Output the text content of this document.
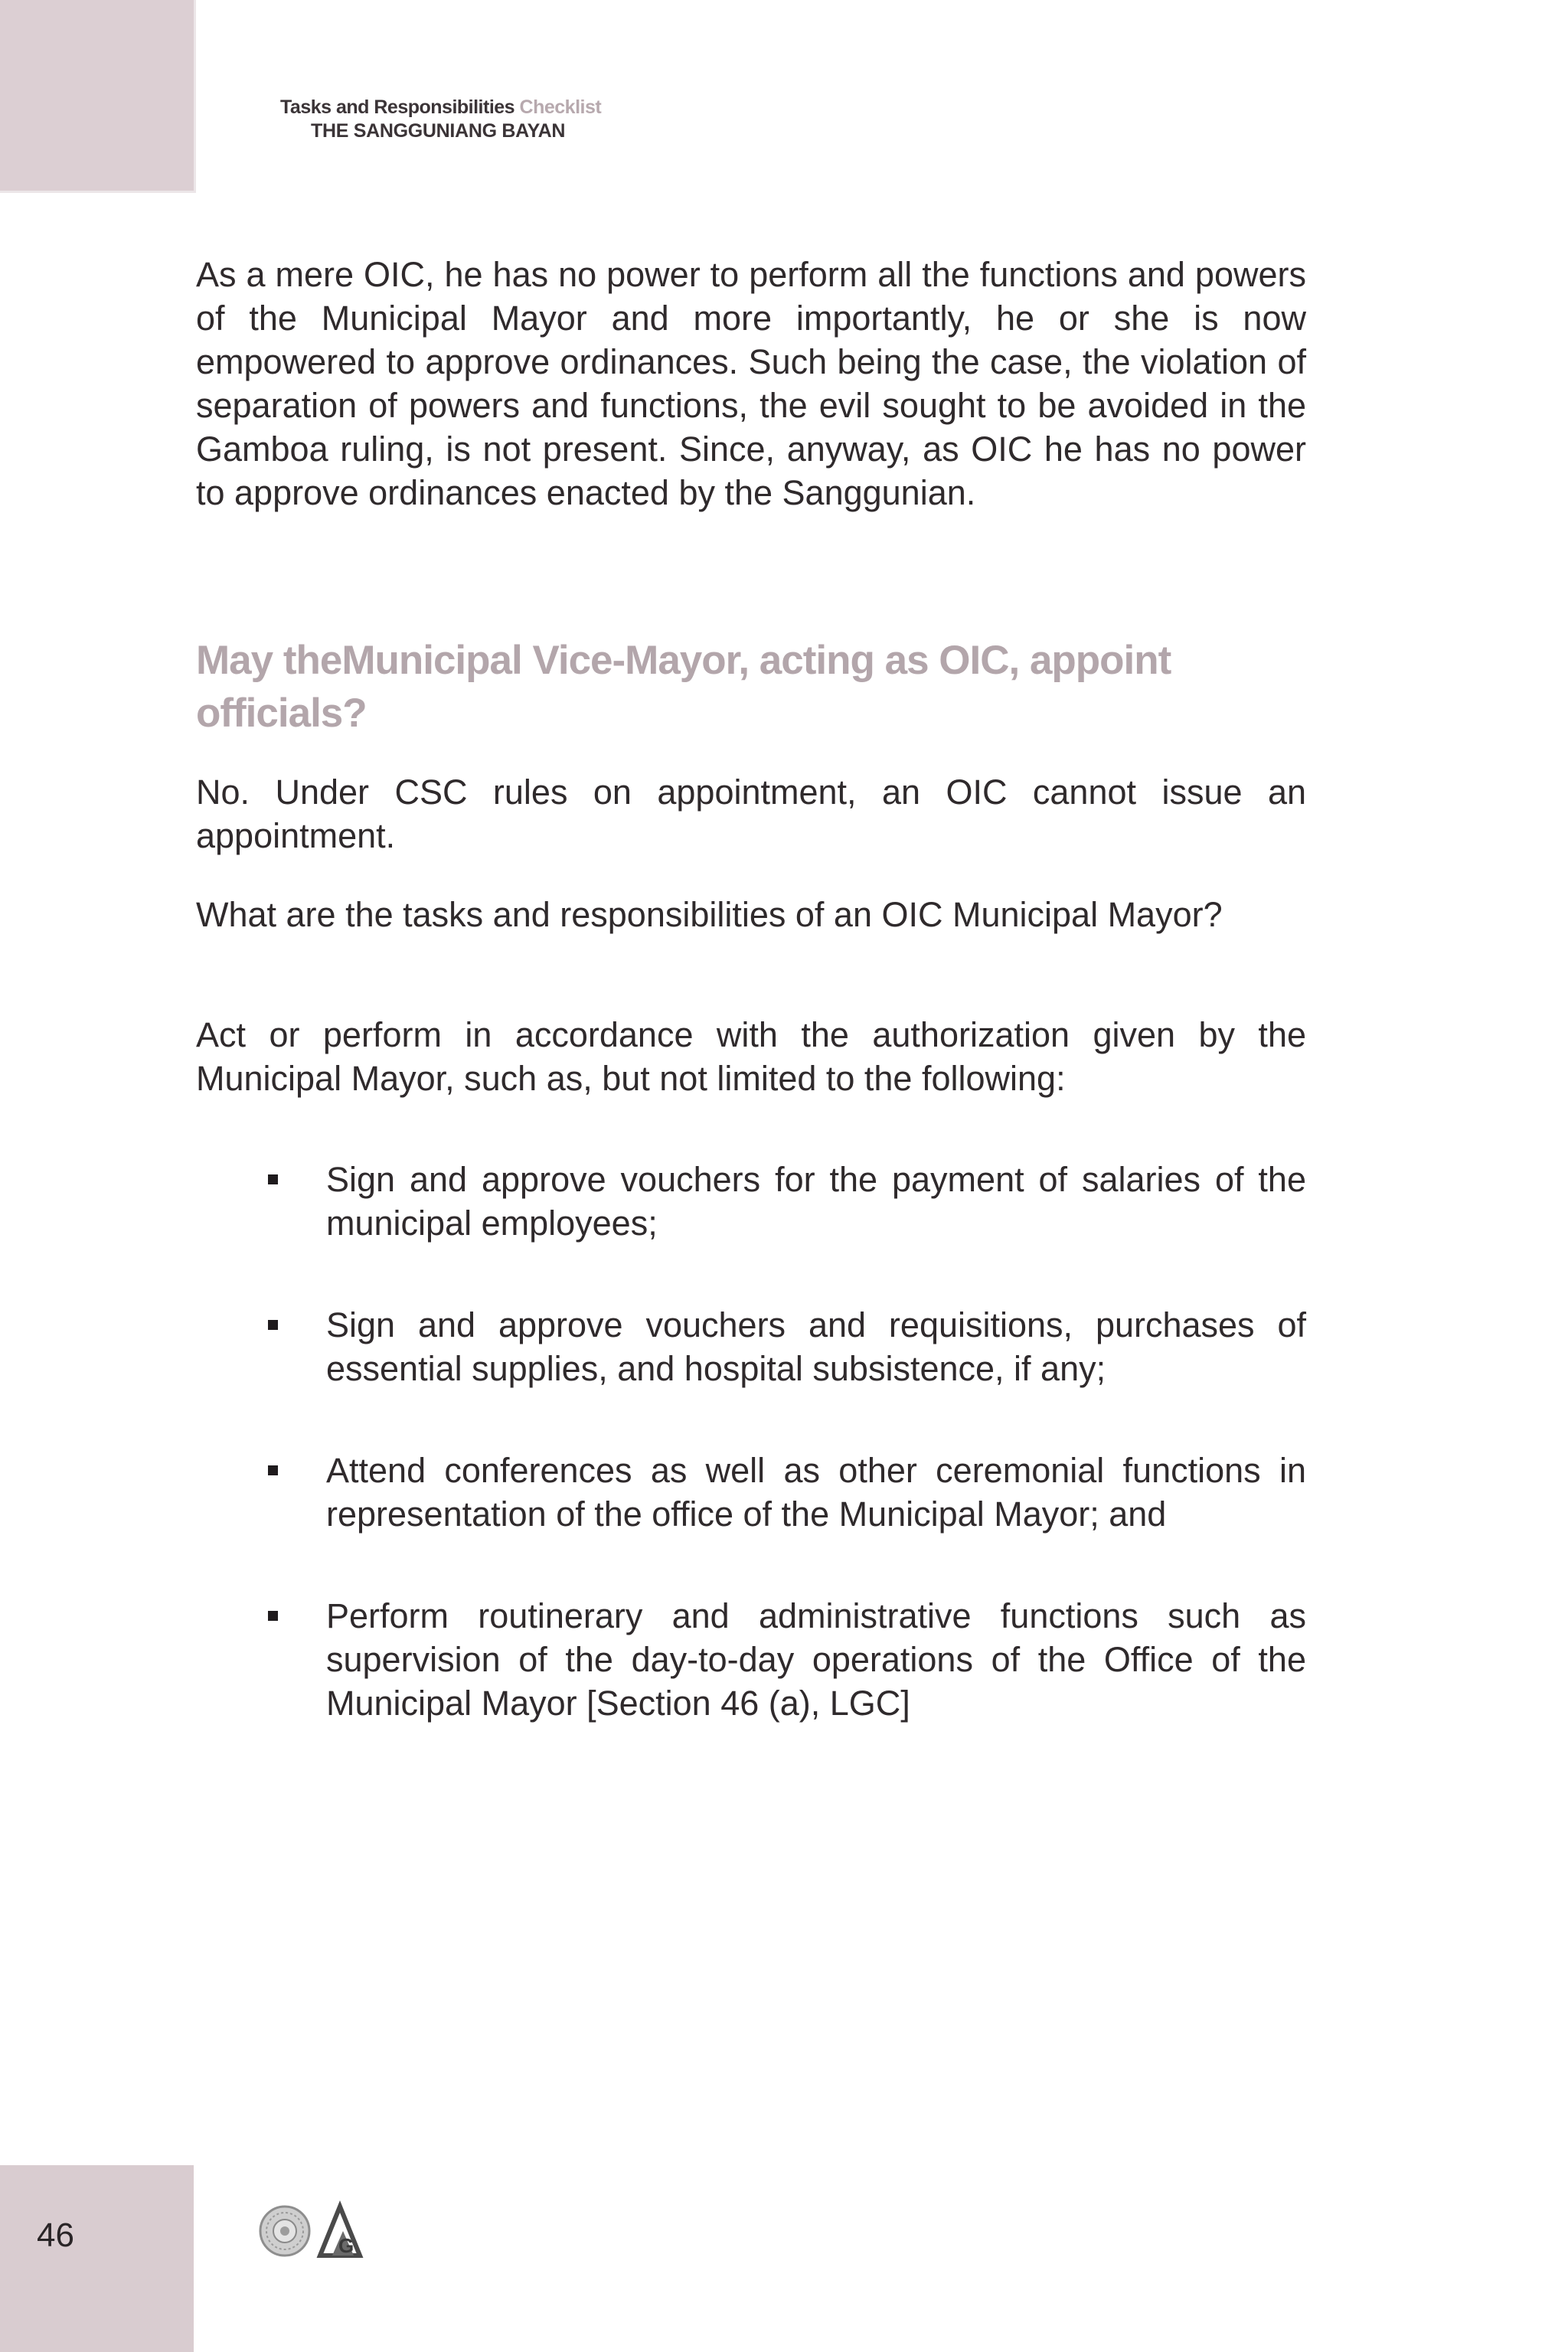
Tasks and Responsibilities Checklist
THE SANGGUNIANG BAYAN

As a mere OIC, he has no power to perform all the functions and powers of the Municipal Mayor and more importantly, he or she is now empowered to approve ordinances. Such being the case, the violation of separation of powers and functions, the evil sought to be avoided in the Gamboa ruling, is not present. Since, anyway, as OIC he has no power to approve ordinances enacted by the Sanggunian.

May theMunicipal Vice-Mayor, acting as OIC, appoint officials?

No. Under CSC rules on appointment, an OIC cannot issue an appointment.

What are the tasks and responsibilities of an OIC Municipal Mayor?

Act or perform in accordance with the authorization given by the Municipal Mayor, such as, but not limited to the following:

Sign and approve vouchers for the payment of salaries of the municipal employees;
Sign and approve vouchers and requisitions, purchases of essential supplies, and hospital subsistence, if any;
Attend conferences as well as other ceremonial functions in representation of the office of the Municipal Mayor; and
Perform routinerary and administrative functions such as supervision of the day-to-day operations of the Office of the Municipal Mayor [Section 46 (a), LGC]
46	G
